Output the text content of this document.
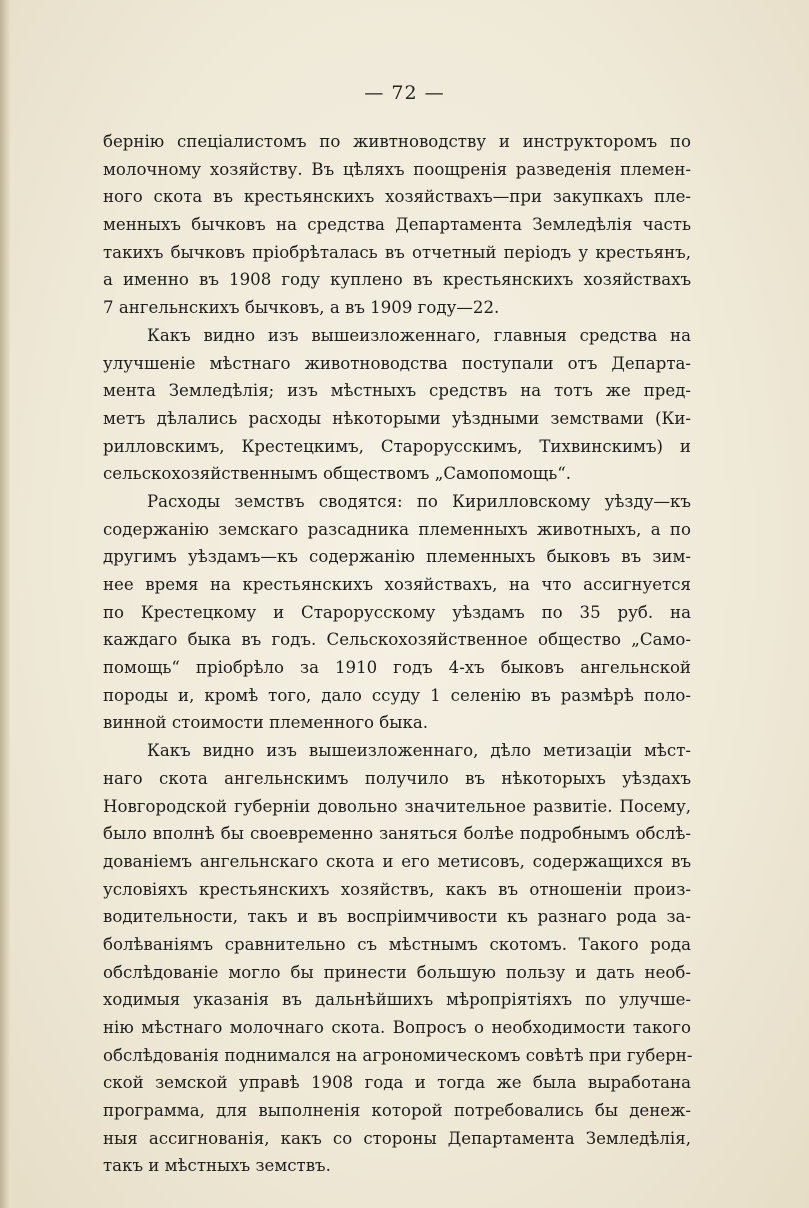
— 72 —
бернію спеціалистомъ по живтноводству и инструкторомъ по
молочному хозяйству. Въ цѣляхъ поощренія разведенія племен-
ного скота въ крестьянскихъ хозяйствахъ—при закупкахъ пле-
менныхъ бычковъ на средства Департамента Земледѣлія часть
такихъ бычковъ пріобрѣталась въ отчетный періодъ у крестьянъ,
а именно въ 1908 году куплено въ крестьянскихъ хозяйствахъ
7 ангельнскихъ бычковъ, а въ 1909 году—22.
Какъ видно изъ вышеизложеннаго, главныя средства на
улучшеніе мѣстнаго животноводства поступали отъ Департа-
мента Земледѣлія; изъ мѣстныхъ средствъ на тотъ же пред-
метъ дѣлались расходы нѣкоторыми уѣздными земствами (Ки-
рилловскимъ, Крестецкимъ, Старорусскимъ, Тихвинскимъ) и
сельскохозяйственнымъ обществомъ „Самопомощь“.
Расходы земствъ сводятся: по Кирилловскому уѣзду—къ
содержанію земскаго разсадника племенныхъ животныхъ, а по
другимъ уѣздамъ—къ содержанію племенныхъ быковъ въ зим-
нее время на крестьянскихъ хозяйствахъ, на что ассигнуется
по Крестецкому и Старорусскому уѣздамъ по 35 руб. на
каждаго быка въ годъ. Сельскохозяйственное общество „Само-
помощь“ пріобрѣло за 1910 годъ 4-хъ быковъ ангельнской
породы и, кромѣ того, дало ссуду 1 селенію въ размѣрѣ поло-
винной стоимости племенного быка.
Какъ видно изъ вышеизложеннаго, дѣло метизаціи мѣст-
наго скота ангельнскимъ получило въ нѣкоторыхъ уѣздахъ
Новгородской губерніи довольно значительное развитіе. Посему,
было вполнѣ бы своевременно заняться болѣе подробнымъ обслѣ-
дованіемъ ангельнскаго скота и его метисовъ, содержащихся въ
условіяхъ крестьянскихъ хозяйствъ, какъ въ отношеніи произ-
водительности, такъ и въ воспріимчивости къ разнаго рода за-
болѣваніямъ сравнительно съ мѣстнымъ скотомъ. Такого рода
обслѣдованіе могло бы принести большую пользу и дать необ-
ходимыя указанія въ дальнѣйшихъ мѣропріятіяхъ по улучше-
нію мѣстнаго молочнаго скота. Вопросъ о необходимости такого
обслѣдованія поднимался на агрономическомъ совѣтѣ при губерн-
ской земской управѣ 1908 года и тогда же была выработана
программа, для выполненія которой потребовались бы денеж-
ныя ассигнованія, какъ со стороны Департамента Земледѣлія,
такъ и мѣстныхъ земствъ.
